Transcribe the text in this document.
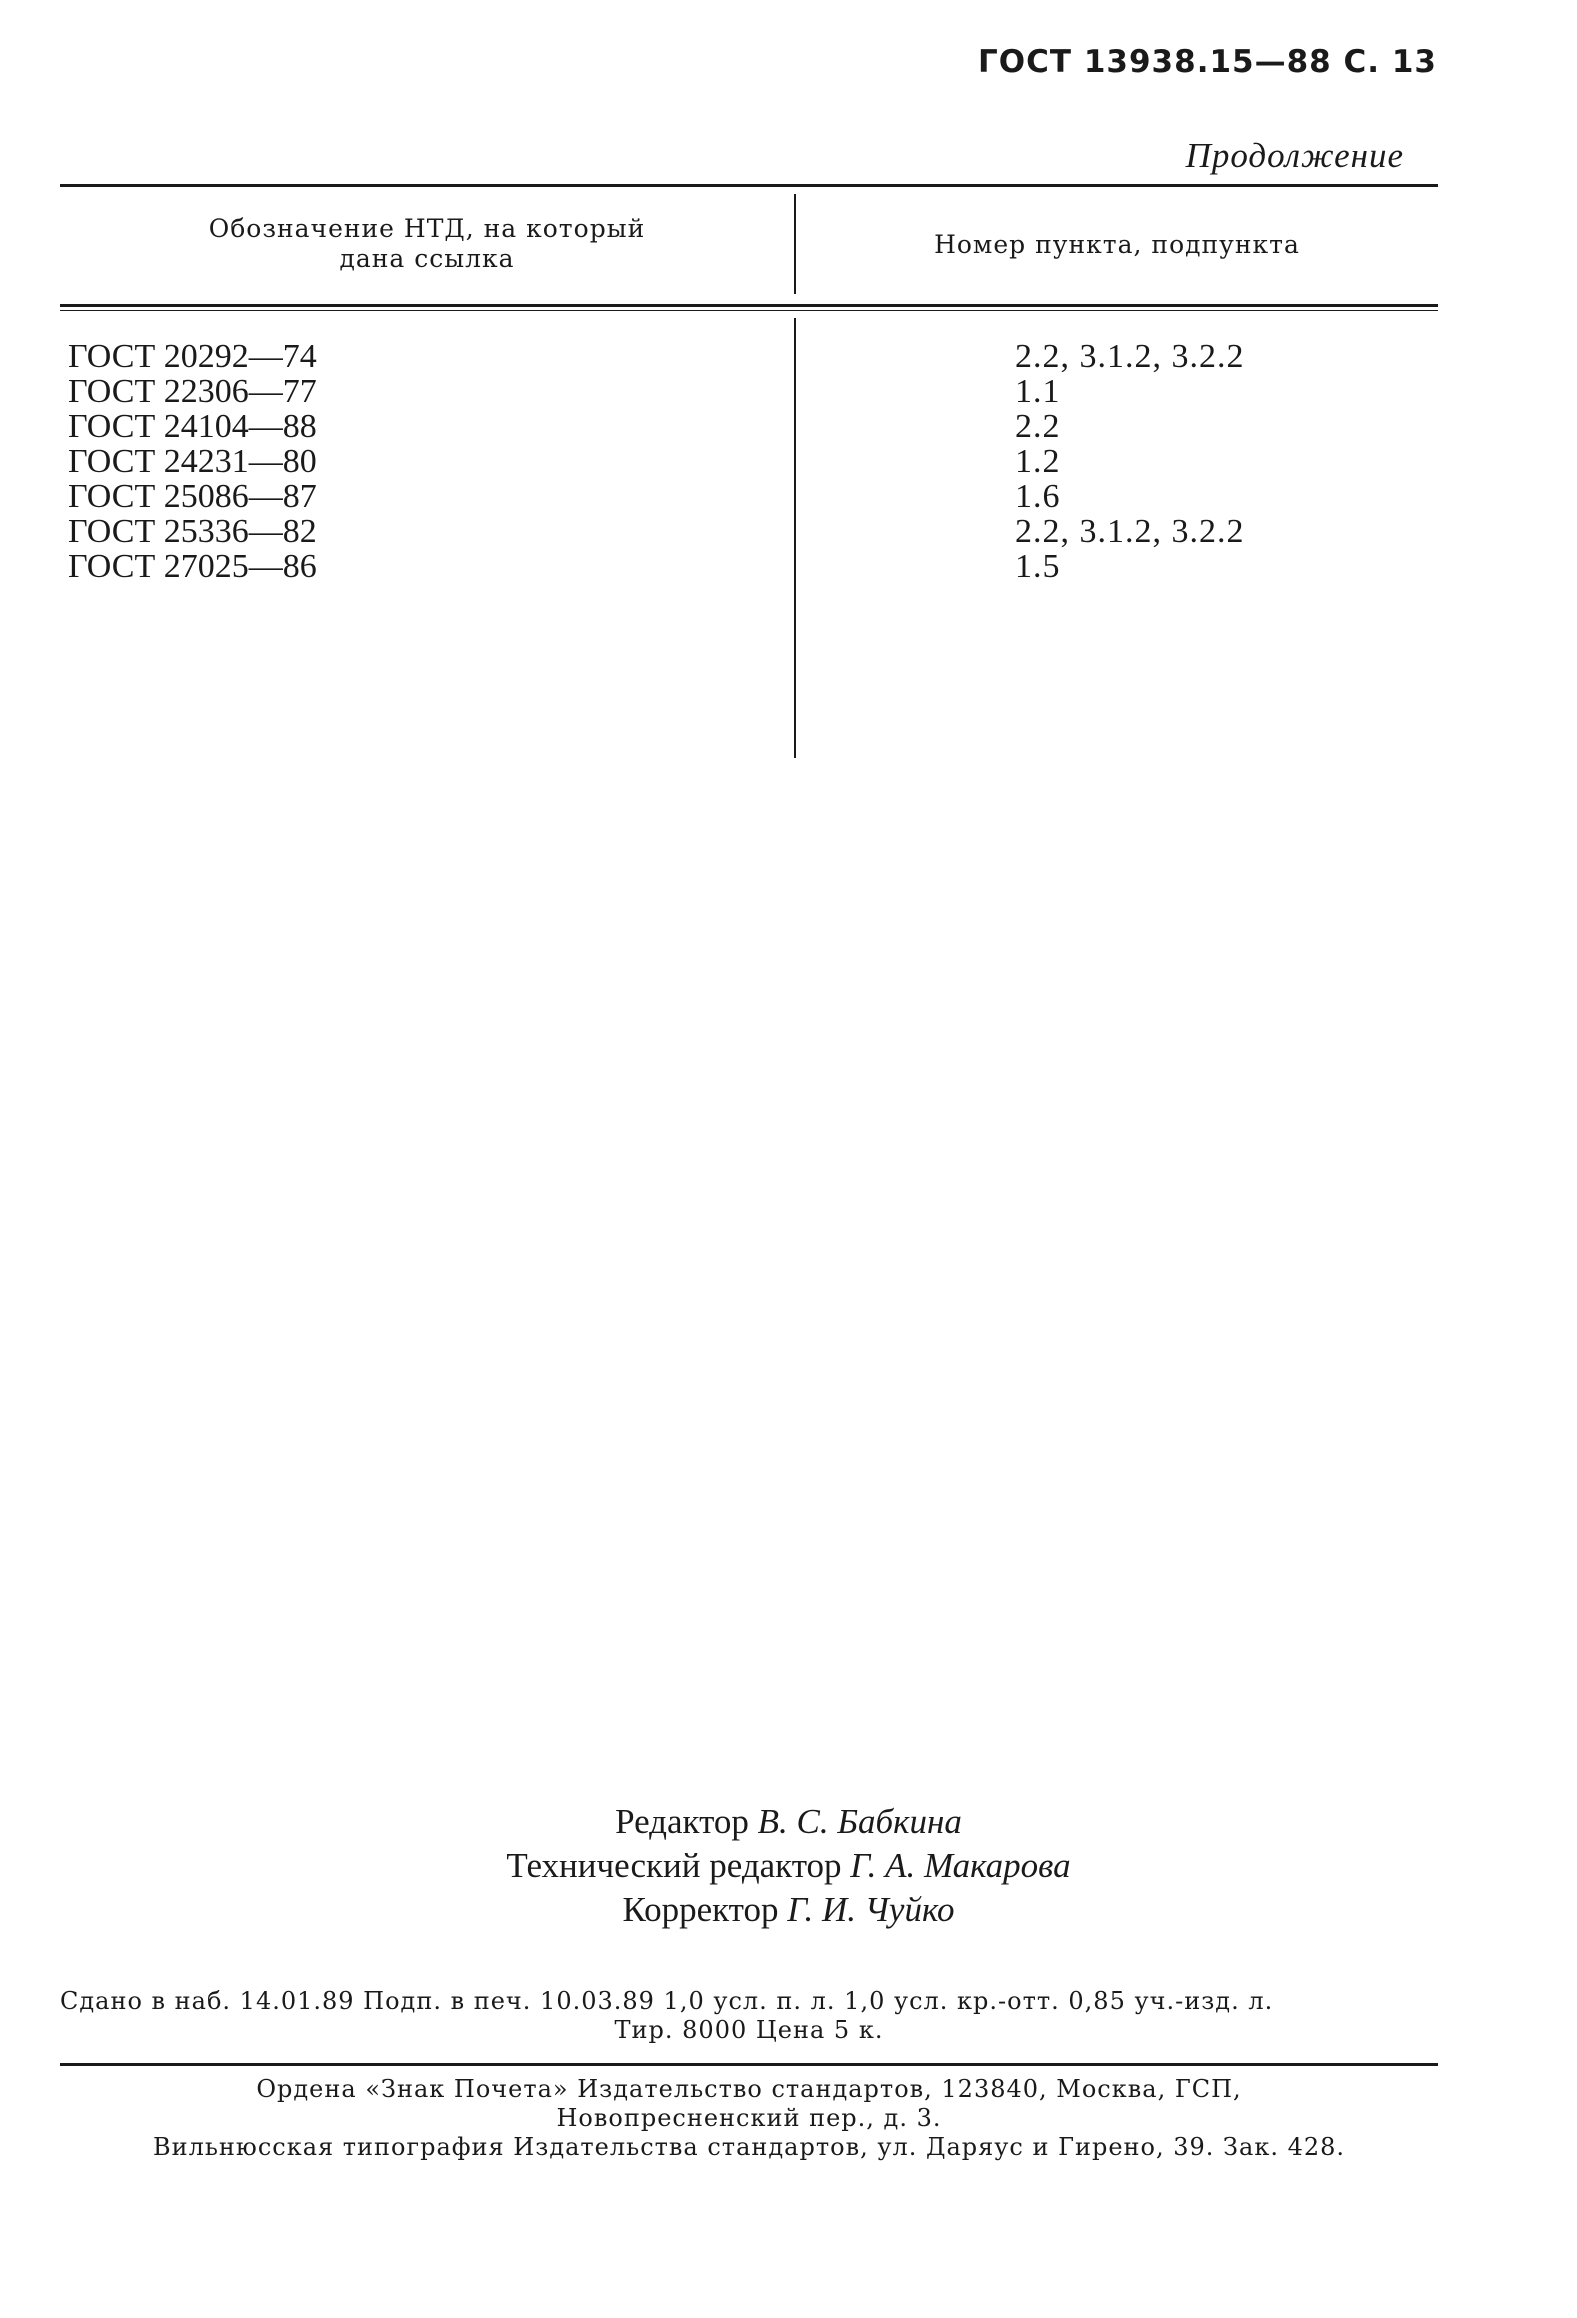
ГОСТ 13938.15—88 С. 13
Продолжение
Обозначение НТД, на который
дана ссылка	Номер пункта, подпункта
ГОСТ 20292—74	2.2, 3.1.2, 3.2.2
ГОСТ 22306—77	1.1
ГОСТ 24104—88	2.2
ГОСТ 24231—80	1.2
ГОСТ 25086—87	1.6
ГОСТ 25336—82	2.2, 3.1.2, 3.2.2
ГОСТ 27025—86	1.5
Редактор В. С. Бабкина
Технический редактор Г. А. Макарова
Корректор Г. И. Чуйко
Сдано в наб. 14.01.89 Подп. в печ. 10.03.89 1,0 усл. п. л. 1,0 усл. кр.-отт. 0,85 уч.-изд. л.
Тир. 8000 Цена 5 к.
Ордена «Знак Почета» Издательство стандартов, 123840, Москва, ГСП,
Новопресненский пер., д. 3.
Вильнюсская типография Издательства стандартов, ул. Даряус и Гирено, 39. Зак. 428.
